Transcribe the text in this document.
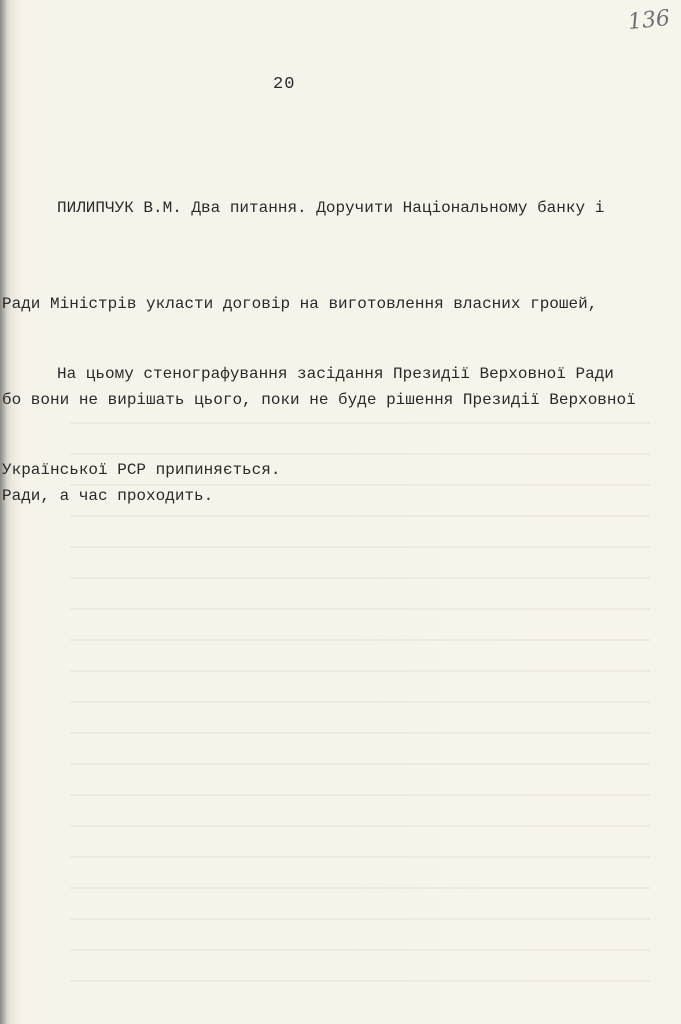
136
20

ПИЛИПЧУК В.М. Два питання. Доручити Національному банку і

Ради Міністрів укласти договір на виготовлення власних грошей,

бо вони не вирішать цього, поки не буде рішення Президії Верховної

Ради, а час проходить.

На цьому стенографування засідання Президії Верховної Ради

Української РСР припиняється.
